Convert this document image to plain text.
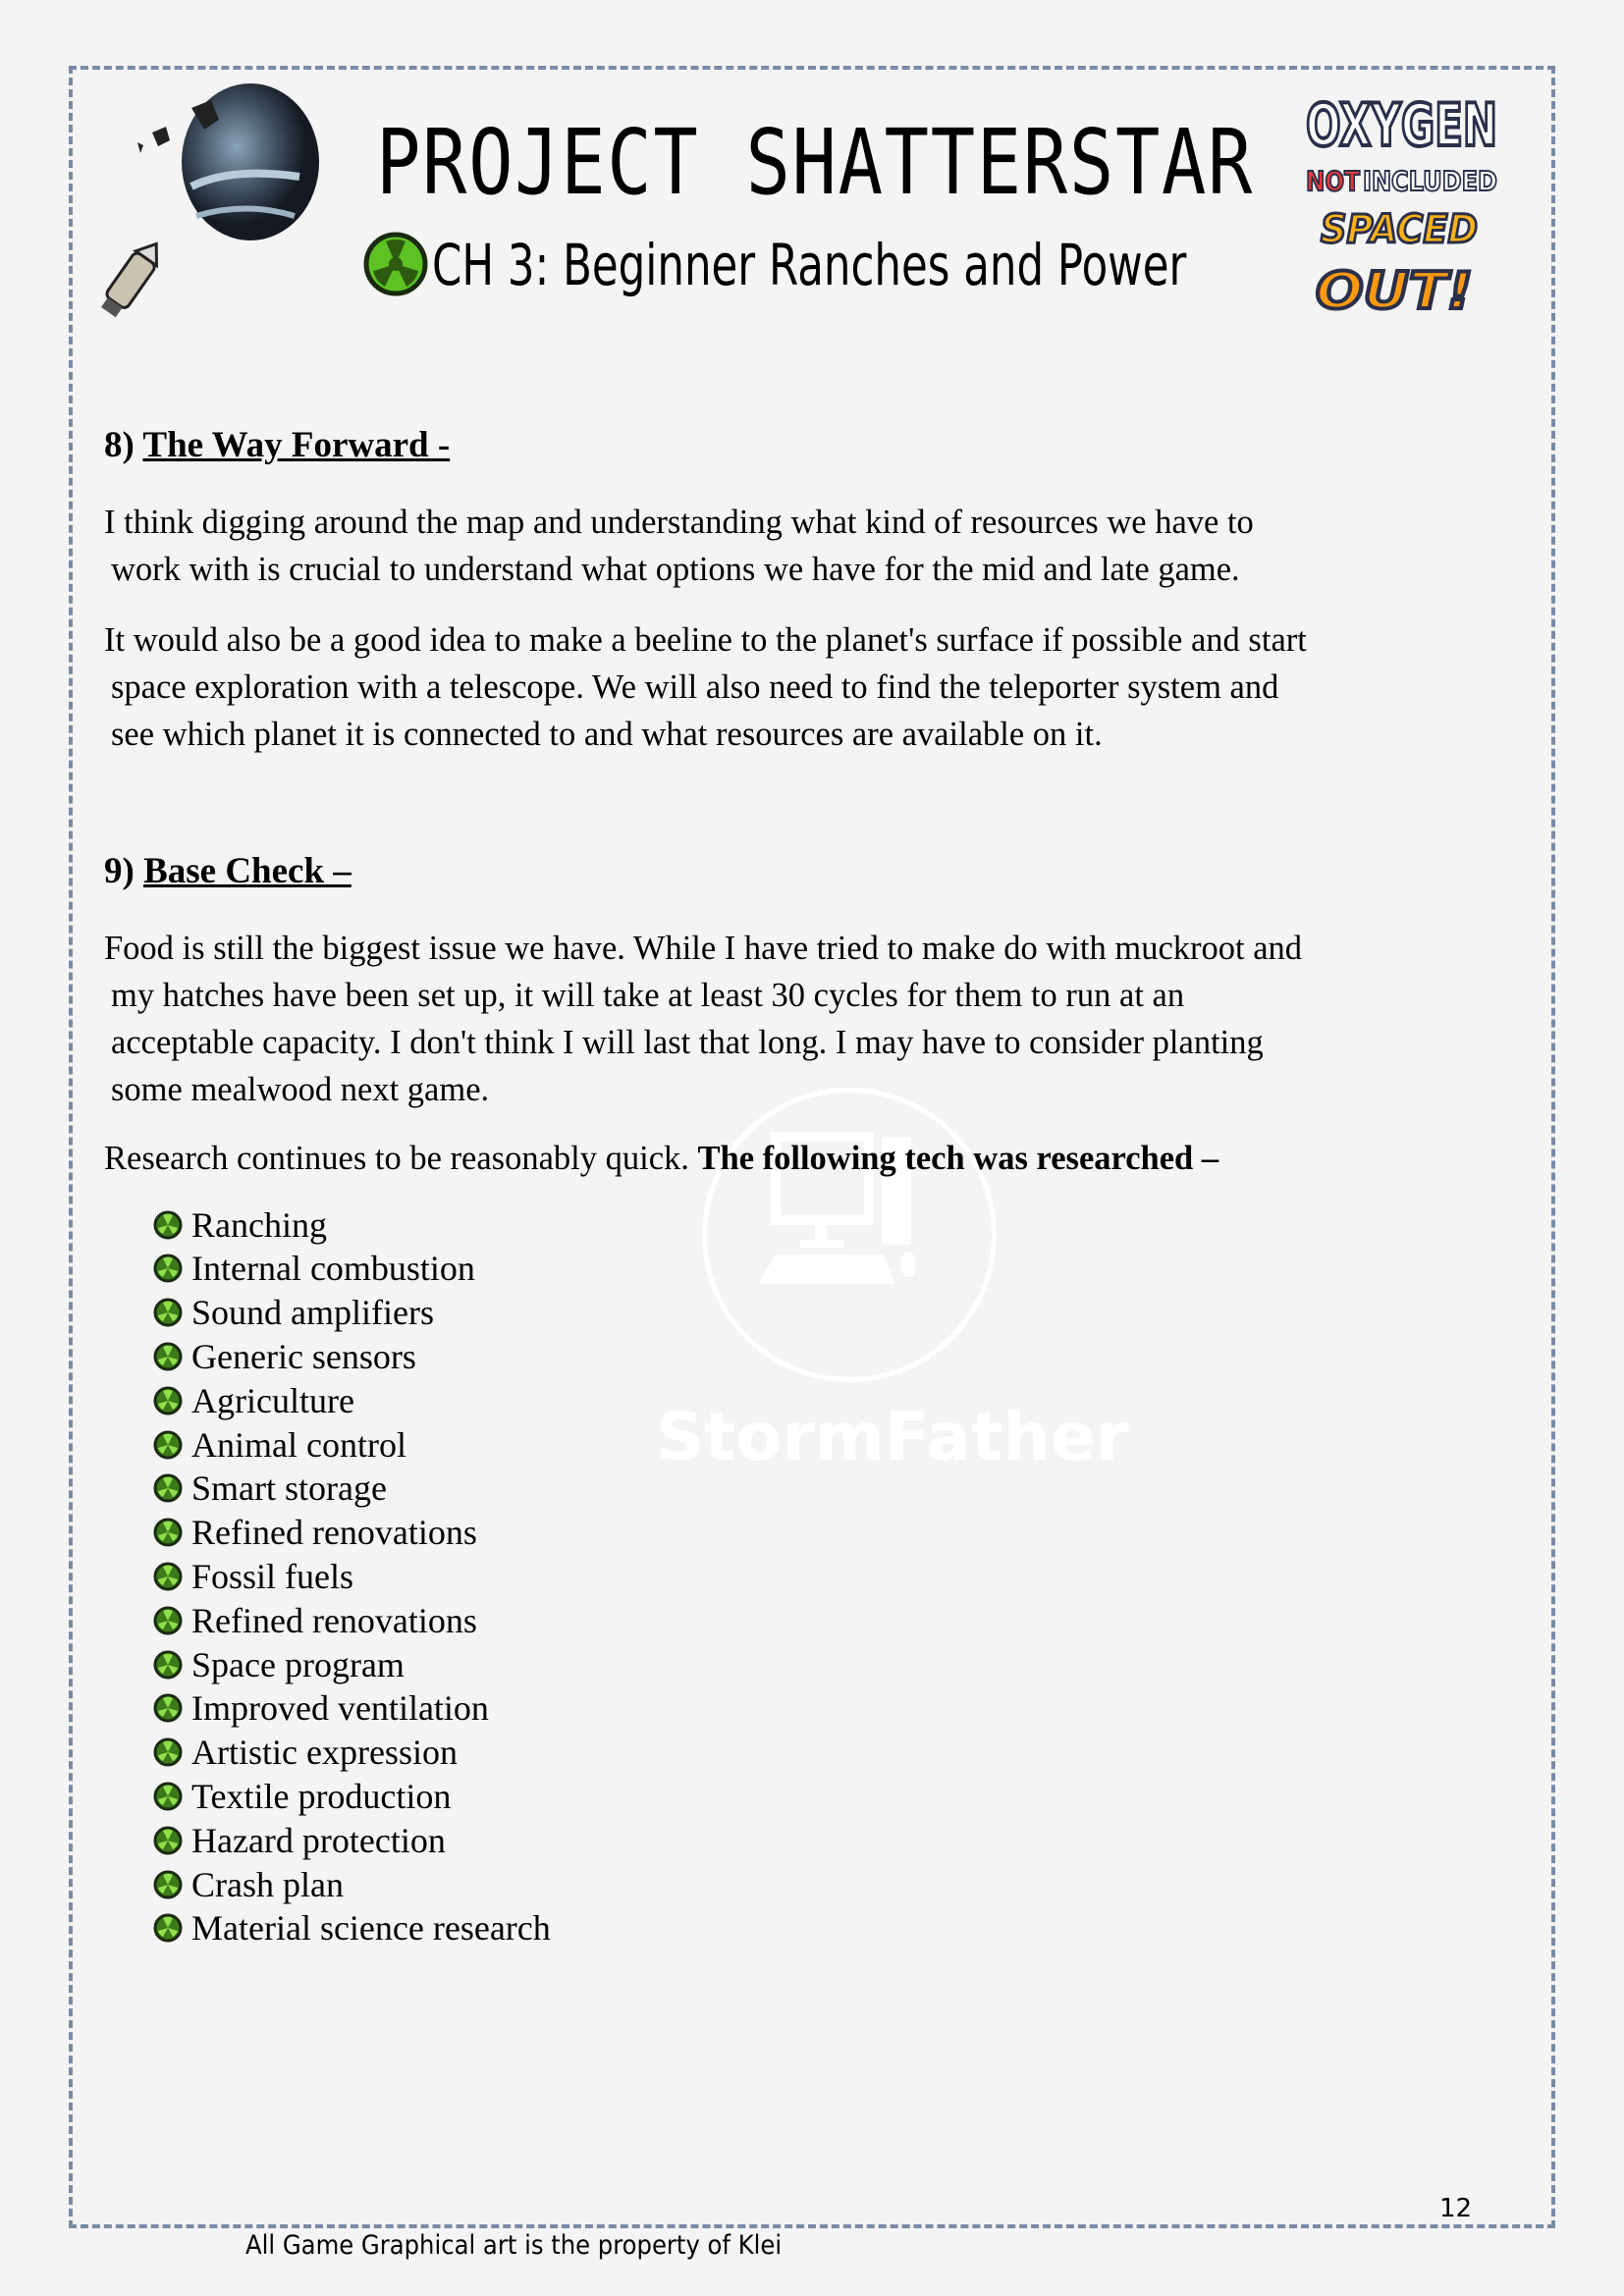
PROJECT SHATTERSTAR
CH 3: Beginner Ranches and Power
OXYGEN
NOT INCLUDED
SPACED
OUT!
StormFather
8) The Way Forward -
I think digging around the map and understanding what kind of resources we have to
work with is crucial to understand what options we have for the mid and late game.
It would also be a good idea to make a beeline to the planet's surface if possible and start
space exploration with a telescope. We will also need to find the teleporter system and
see which planet it is connected to and what resources are available on it.
9) Base Check –
Food is still the biggest issue we have. While I have tried to make do with muckroot and
my hatches have been set up, it will take at least 30 cycles for them to run at an
acceptable capacity. I don't think I will last that long. I may have to consider planting
some mealwood next game.
Research continues to be reasonably quick. The following tech was researched –
Ranching
Internal combustion
Sound amplifiers
Generic sensors
Agriculture
Animal control
Smart storage
Refined renovations
Fossil fuels
Refined renovations
Space program
Improved ventilation
Artistic expression
Textile production
Hazard protection
Crash plan
Material science research
12
All Game Graphical art is the property of Klei
